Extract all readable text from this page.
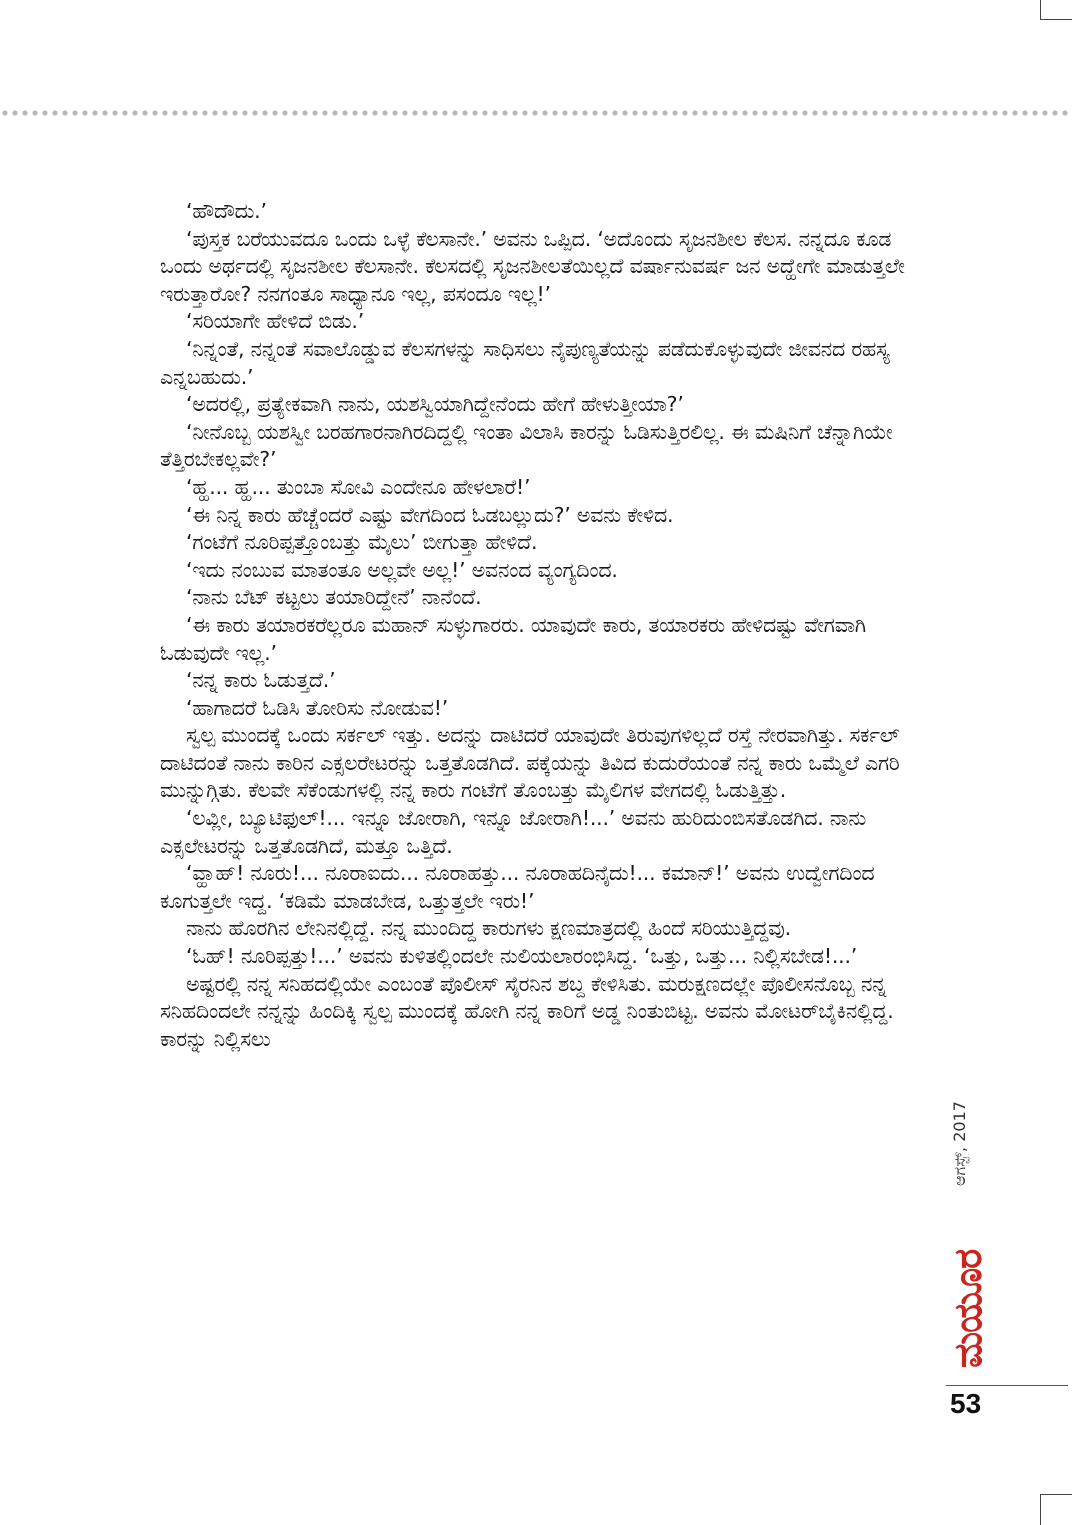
‘ಹೌದೌದು.’

‘ಪುಸ್ತಕ ಬರೆಯುವದೂ ಒಂದು ಒಳ್ಳೆ ಕೆಲಸಾನೇ.’ ಅವನು ಒಪ್ಪಿದ. ‘ಅದೊಂದು ಸೃಜನಶೀಲ ಕೆಲಸ. ನನ್ನದೂ ಕೂಡ ಒಂದು ಅರ್ಥದಲ್ಲಿ ಸೃಜನಶೀಲ ಕೆಲಸಾನೇ. ಕೆಲಸದಲ್ಲಿ ಸೃಜನಶೀಲತೆಯಿಲ್ಲದೆ ವರ್ಷಾನುವರ್ಷ ಜನ ಅದ್ಹೇಗೇ ಮಾಡುತ್ತಲೇ ಇರುತ್ತಾರೋ? ನನಗಂತೂ ಸಾಧ್ಯಾನೂ ಇಲ್ಲ, ಪಸಂದೂ ಇಲ್ಲ!’

‘ಸರಿಯಾಗೇ ಹೇಳಿದೆ ಬಿಡು.’

‘ನಿನ್ನಂತೆ, ನನ್ನಂತೆ ಸವಾಲೊಡ್ಡುವ ಕೆಲಸಗಳನ್ನು ಸಾಧಿಸಲು ನೈಪುಣ್ಯತೆಯನ್ನು ಪಡೆದುಕೊಳ್ಳುವುದೇ ಜೀವನದ ರಹಸ್ಯ ಎನ್ನಬಹುದು.’

‘ಅದರಲ್ಲಿ, ಪ್ರತ್ಯೇಕವಾಗಿ ನಾನು, ಯಶಸ್ವಿಯಾಗಿದ್ದೇನೆಂದು ಹೇಗೆ ಹೇಳುತ್ತೀಯಾ?’

‘ನೀನೊಬ್ಬ ಯಶಸ್ವೀ ಬರಹಗಾರನಾಗಿರದಿದ್ದಲ್ಲಿ ಇಂತಾ ವಿಲಾಸಿ ಕಾರನ್ನು ಓಡಿಸುತ್ತಿರಲಿಲ್ಲ. ಈ ಮಷಿನಿಗೆ ಚೆನ್ನಾಗಿಯೇ ತೆತ್ತಿರಬೇಕಲ್ಲವೇ?’

‘ಹ್ಹ... ಹ್ಹ... ತುಂಬಾ ಸೋವಿ ಎಂದೇನೂ ಹೇಳಲಾರೆ!’

‘ಈ ನಿನ್ನ ಕಾರು ಹೆಚ್ಚೆಂದರೆ ಎಷ್ಟು ವೇಗದಿಂದ ಓಡಬಲ್ಲುದು?’ ಅವನು ಕೇಳಿದ.

‘ಗಂಟೆಗೆ ನೂರಿಪ್ಪತ್ತೊಂಬತ್ತು ಮೈಲು’ ಬೀಗುತ್ತಾ ಹೇಳಿದೆ.

‘ಇದು ನಂಬುವ ಮಾತಂತೂ ಅಲ್ಲವೇ ಅಲ್ಲ!’ ಅವನಂದ ವ್ಯಂಗ್ಯದಿಂದ.

‘ನಾನು ಬೆಟ್ ಕಟ್ಟಲು ತಯಾರಿದ್ದೇನೆ’ ನಾನೆಂದೆ.

‘ಈ ಕಾರು ತಯಾರಕರೆಲ್ಲರೂ ಮಹಾನ್ ಸುಳ್ಳುಗಾರರು. ಯಾವುದೇ ಕಾರು, ತಯಾರಕರು ಹೇಳಿದಷ್ಟು ವೇಗವಾಗಿ ಓಡುವುದೇ ಇಲ್ಲ.’

‘ನನ್ನ ಕಾರು ಓಡುತ್ತದೆ.’

‘ಹಾಗಾದರೆ ಓಡಿಸಿ ತೋರಿಸು ನೋಡುವ!’

ಸ್ವಲ್ಪ ಮುಂದಕ್ಕೆ ಒಂದು ಸರ್ಕಲ್ ಇತ್ತು. ಅದನ್ನು ದಾಟಿದರೆ ಯಾವುದೇ ತಿರುವುಗಳಿಲ್ಲದೆ ರಸ್ತೆ ನೇರವಾಗಿತ್ತು. ಸರ್ಕಲ್ ದಾಟಿದಂತೆ ನಾನು ಕಾರಿನ ಎಕ್ಸಲರೇಟರನ್ನು ಒತ್ತತೊಡಗಿದೆ. ಪಕ್ಕೆಯನ್ನು ತಿವಿದ ಕುದುರೆಯಂತೆ ನನ್ನ ಕಾರು ಒಮ್ಮೆಲೆ ಎಗರಿ ಮುನ್ನುಗ್ಗಿತು. ಕೆಲವೇ ಸೆಕೆಂಡುಗಳಲ್ಲಿ ನನ್ನ ಕಾರು ಗಂಟೆಗೆ ತೊಂಬತ್ತು ಮೈಲಿಗಳ ವೇಗದಲ್ಲಿ ಓಡುತ್ತಿತ್ತು.

‘ಲವ್ಲೀ, ಬ್ಯೂಟಿಫುಲ್!... ಇನ್ನೂ ಜೋರಾಗಿ, ಇನ್ನೂ ಜೋರಾಗಿ!...’ ಅವನು ಹುರಿದುಂಬಿಸತೊಡಗಿದ. ನಾನು ಎಕ್ಸಲೇಟರನ್ನು ಒತ್ತತೊಡಗಿದೆ, ಮತ್ತೂ ಒತ್ತಿದೆ.

‘ವ್ಹಾಹ್! ನೂರು!... ನೂರಾಐದು... ನೂರಾಹತ್ತು... ನೂರಾಹದಿನೈದು!... ಕಮಾನ್!’ ಅವನು ಉದ್ವೇಗದಿಂದ ಕೂಗುತ್ತಲೇ ಇದ್ದ. ‘ಕಡಿಮೆ ಮಾಡಬೇಡ, ಒತ್ತುತ್ತಲೇ ಇರು!’

ನಾನು ಹೊರಗಿನ ಲೇನಿನಲ್ಲಿದ್ದೆ. ನನ್ನ ಮುಂದಿದ್ದ ಕಾರುಗಳು ಕ್ಷಣಮಾತ್ರದಲ್ಲಿ ಹಿಂದೆ ಸರಿಯುತ್ತಿದ್ದವು.

‘ಓಹ್! ನೂರಿಪ್ಪತ್ತು!...’ ಅವನು ಕುಳಿತಲ್ಲಿಂದಲೇ ನುಲಿಯಲಾರಂಭಿಸಿದ್ದ. ‘ಒತ್ತು, ಒತ್ತು... ನಿಲ್ಲಿಸಬೇಡ!...’

ಅಷ್ಟರಲ್ಲಿ ನನ್ನ ಸನಿಹದಲ್ಲಿಯೇ ಎಂಬಂತೆ ಪೊಲೀಸ್ ಸೈರನಿನ ಶಬ್ದ ಕೇಳಿಸಿತು. ಮರುಕ್ಷಣದಲ್ಲೇ ಪೊಲೀಸನೊಬ್ಬ ನನ್ನ ಸನಿಹದಿಂದಲೇ ನನ್ನನ್ನು ಹಿಂದಿಕ್ಕಿ ಸ್ವಲ್ಪ ಮುಂದಕ್ಕೆ ಹೋಗಿ ನನ್ನ ಕಾರಿಗೆ ಅಡ್ಡ ನಿಂತುಬಿಟ್ಟ. ಅವನು ಮೋಟರ್‌ಬೈಕಿನಲ್ಲಿದ್ದ. ಕಾರನ್ನು ನಿಲ್ಲಿಸಲು

ಆಗಸ್ಟ್, 2017
ಮಯೂರ
53
